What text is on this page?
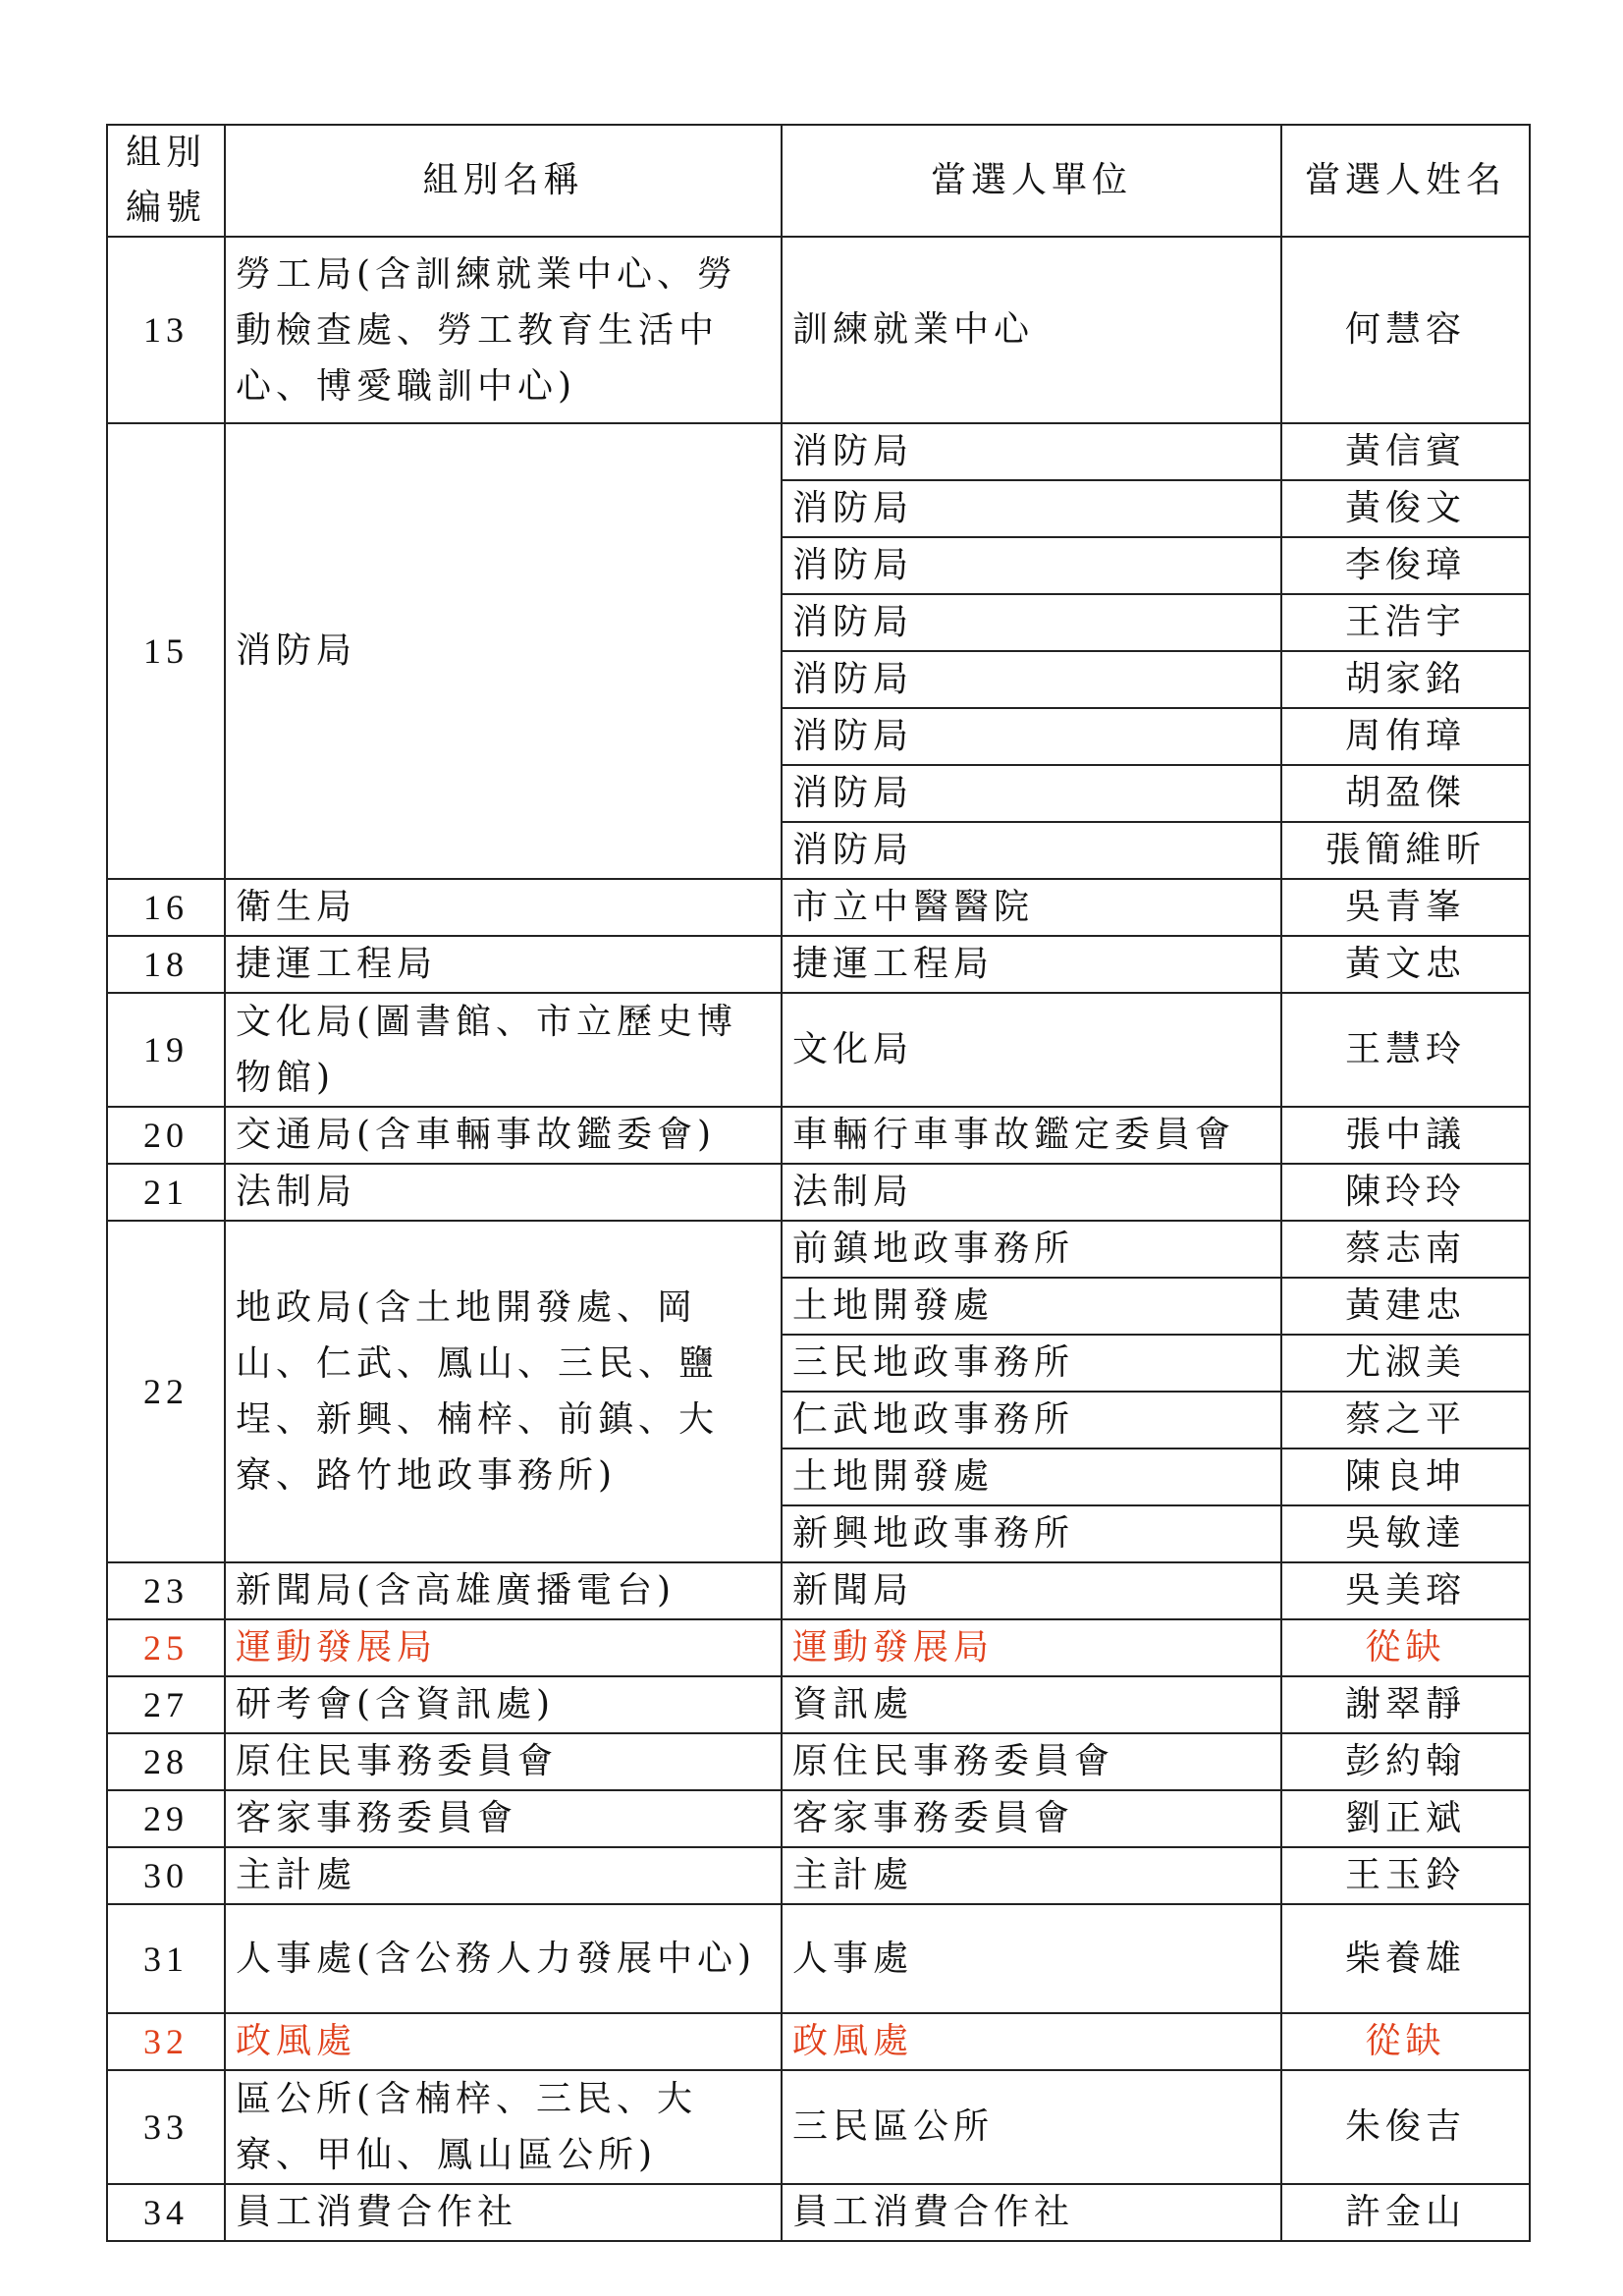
組別
編號	組別名稱	當選人單位	當選人姓名
13	勞工局(含訓練就業中心、勞動檢查處、勞工教育生活中心、博愛職訓中心)	訓練就業中心	何慧容
15	消防局	消防局	黃信賓
		消防局	黃俊文
		消防局	李俊璋
		消防局	王浩宇
		消防局	胡家銘
		消防局	周侑璋
		消防局	胡盈傑
		消防局	張簡維昕
16	衛生局	市立中醫醫院	吳青峯
18	捷運工程局	捷運工程局	黃文忠
19	文化局(圖書館、市立歷史博物館)	文化局	王慧玲
20	交通局(含車輛事故鑑委會)	車輛行車事故鑑定委員會	張中議
21	法制局	法制局	陳玲玲
22	地政局(含土地開發處、岡山、仁武、鳳山、三民、鹽埕、新興、楠梓、前鎮、大寮、路竹地政事務所)	前鎮地政事務所	蔡志南
		土地開發處	黃建忠
		三民地政事務所	尤淑美
		仁武地政事務所	蔡之平
		土地開發處	陳良坤
		新興地政事務所	吳敏達
23	新聞局(含高雄廣播電台)	新聞局	吳美瑢
25	運動發展局	運動發展局	從缺
27	研考會(含資訊處)	資訊處	謝翠靜
28	原住民事務委員會	原住民事務委員會	彭約翰
29	客家事務委員會	客家事務委員會	劉正斌
30	主計處	主計處	王玉鈴
31	人事處(含公務人力發展中心)	人事處	柴養雄
32	政風處	政風處	從缺
33	區公所(含楠梓、三民、大寮、甲仙、鳳山區公所)	三民區公所	朱俊吉
34	員工消費合作社	員工消費合作社	許金山
